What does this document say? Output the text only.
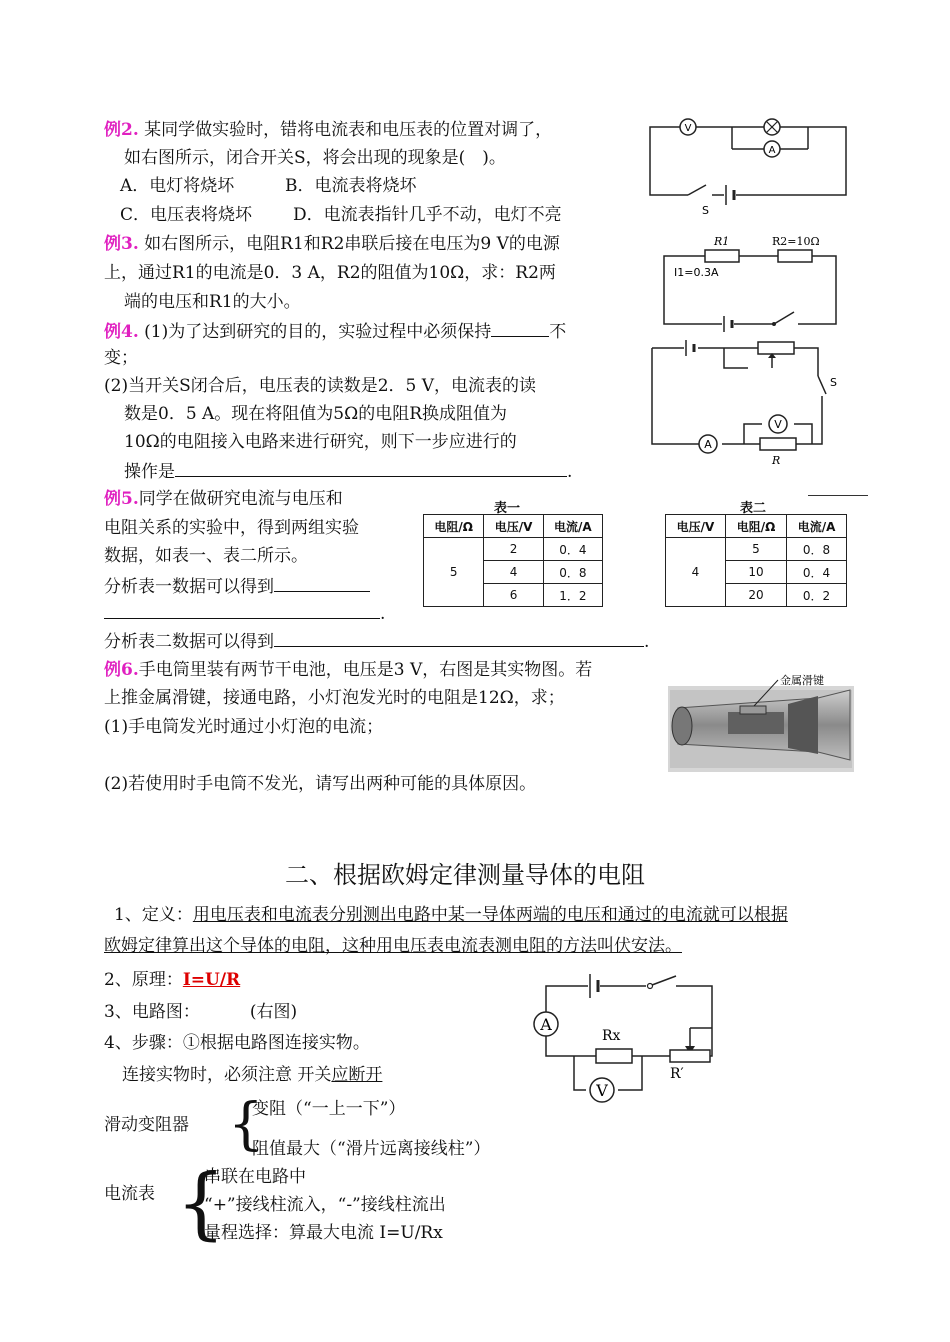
例2. 某同学做实验时，错将电流表和电压表的位置对调了，
如右图所示，闭合开关S，将会出现的现象是(　)。
A．电灯将烧坏	B．电流表将烧坏
C．电压表将烧坏 D．电流表指针几乎不动，电灯不亮
V
A
S
例3. 如右图所示，电阻R1和R2串联后接在电压为9 V的电源
上，通过R1的电流是0．3 A，R2的阻值为10Ω，求：R2两
端的电压和R1的大小。
R1
I1=0.3A
R2=10Ω
例4. (1)为了达到研究的目的，实验过程中必须保持	不
变；
(2)当开关S闭合后，电压表的读数是2．5 V，电流表的读
数是0．5 A。现在将阻值为5Ω的电阻R换成阻值为
10Ω的电阻接入电路来进行研究，则下一步应进行的
操作是	.
S
V
A
R
例5.同学在做研究电流与电压和
电阻关系的实验中，得到两组实验
数据，如表一、表二所示。
分析表一数据可以得到
.
分析表二数据可以得到	.
表一
电阻/Ω	电压/V	电流/A
5	2	0．4
	4	0．8
	6	1．2
表二
电压/V	电阻/Ω	电流/A
4	5	0．8
	10	0．4
	20	0．2
例6.手电筒里装有两节干电池，电压是3 V，右图是其实物图。若
上推金属滑键，接通电路，小灯泡发光时的电阻是12Ω，求；
(1)手电筒发光时通过小灯泡的电流；
(2)若使用时手电筒不发光，请写出两种可能的具体原因。
金属滑键
二、根据欧姆定律测量导体的电阻
1、定义：用电压表和电流表分别测出电路中某一导体两端的电压和通过的电流就可以根据
欧姆定律算出这个导体的电阻，这种用电压表电流表测电阻的方法叫伏安法。
2、原理：I=U/R
3、电路图：	(右图)
4、步骤：①根据电路图连接实物。
连接实物时，必须注意 开关应断开
滑动变阻器 {
变阻（“一上一下”）
阻值最大（“滑片远离接线柱”）
电流表 {
串联在电路中
“+”接线柱流入，“-”接线柱流出
量程选择：算最大电流 I=U/Rx
A
Rx
R′
V
